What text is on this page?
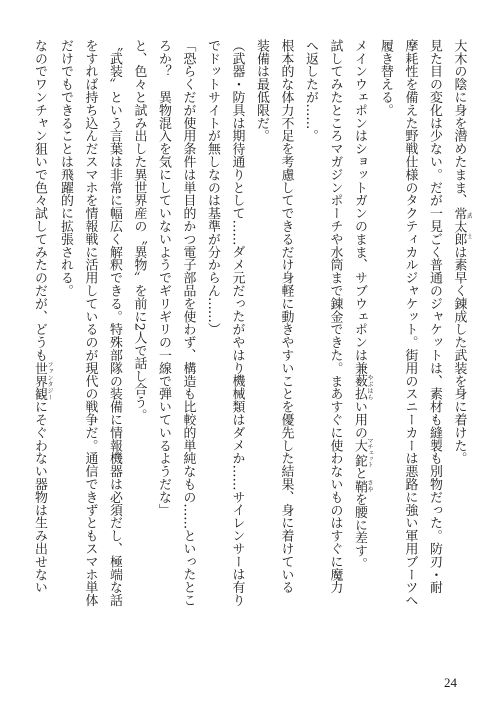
大木の陰に身を潜めたまま、常太郎 武士は素早く錬成した武装を身に着けた。

見た目の変化は少ない。だが一見ごく普通のジャケットは、素材も縫製も別物だった。防刃・耐

摩耗性を備えた野戦仕様のタクティカルジャケット。街用のスニーカーは悪路に強い軍用ブーツへ

履き替える。

メインウェポンはショットガンのまま、サブウェポンは兼薮払 やぶはらい用の大鉈 マチェットと鞘 さやを腰に差す。

試してみたところマガジンポーチや水筒まで錬金できた。まあすぐに使わないものはすぐに魔力

へ返したが……。

根本的な体力不足を考慮してできるだけ身軽に動きやすいことを優先した結果、身に着けている

装備は最低限だ。

（武器・防具は期待通りとして……ダメ元だったがやはり機械類はダメか……サイレンサーは有り

でドットサイトが無しなのは基準が分からん……）

「恐らくだが使用条件は単目的かつ電子部品を使わず、構造も比較的単純なもの……といったとこ

ろか？　異物混入を気にしていないようでギリギリの一線で弾いているようだな」

と、色々と試み出した異世界産の〝異物〟を前に2人で話し合う。

〝武装〟という言葉は非常に幅広く解釈できる。特殊部隊の装備に情報機器は必須だし、極端な話

をすれば持ち込んだスマホを情報戦に活用しているのが現代の戦争だ。通信できずともスマホ単体

だけでもできることは飛躍的に拡張される。

なのでワンチャン狙いで色々試してみたのだが、どうも世界観 ファンタジーにそぐわない器物は生み出せない

24
